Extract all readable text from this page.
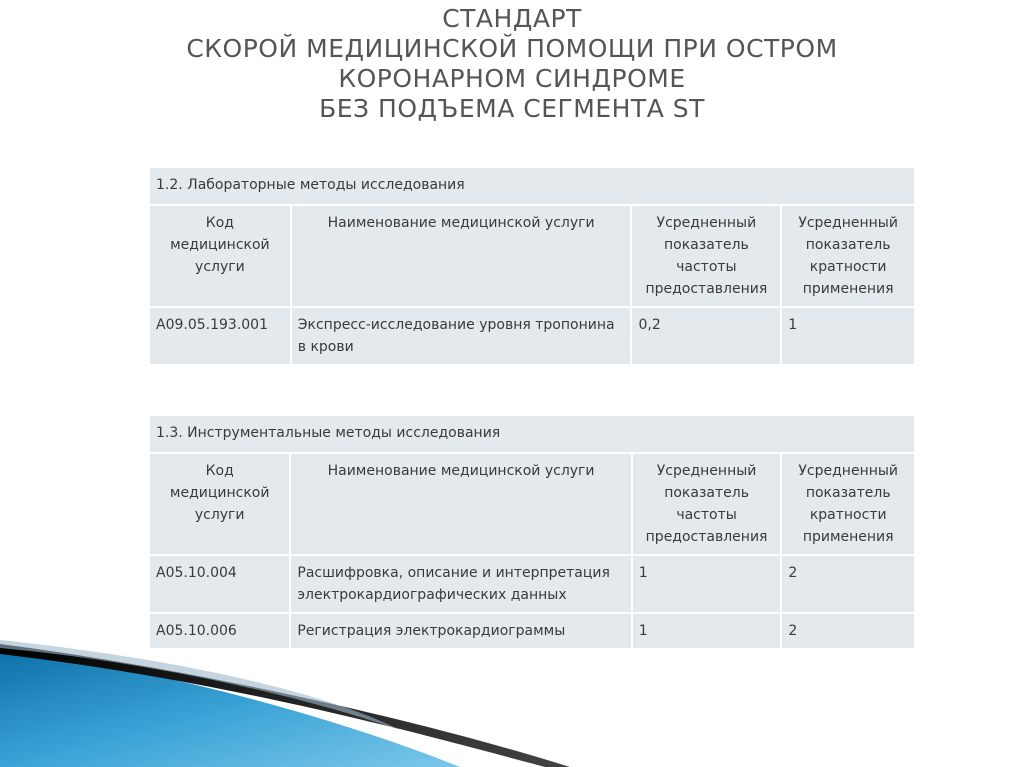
СТАНДАРТ
СКОРОЙ МЕДИЦИНСКОЙ ПОМОЩИ ПРИ ОСТРОМ
КОРОНАРНОМ СИНДРОМЕ
БЕЗ ПОДЪЕМА СЕГМЕНТА ST
1.2. Лабораторные методы исследования			
Код медицинской услуги	Наименование медицинской услуги	Усредненный показатель частоты предоставления	Усредненный показатель кратности применения
A09.05.193.001	Экспресс-исследование уровня тропонина в крови	0,2	1
1.3. Инструментальные методы исследования			
Код медицинской услуги	Наименование медицинской услуги	Усредненный показатель частоты предоставления	Усредненный показатель кратности применения
A05.10.004	Расшифровка, описание и интерпретация электрокардиографических данных	1	2
A05.10.006	Регистрация электрокардиограммы	1	2
